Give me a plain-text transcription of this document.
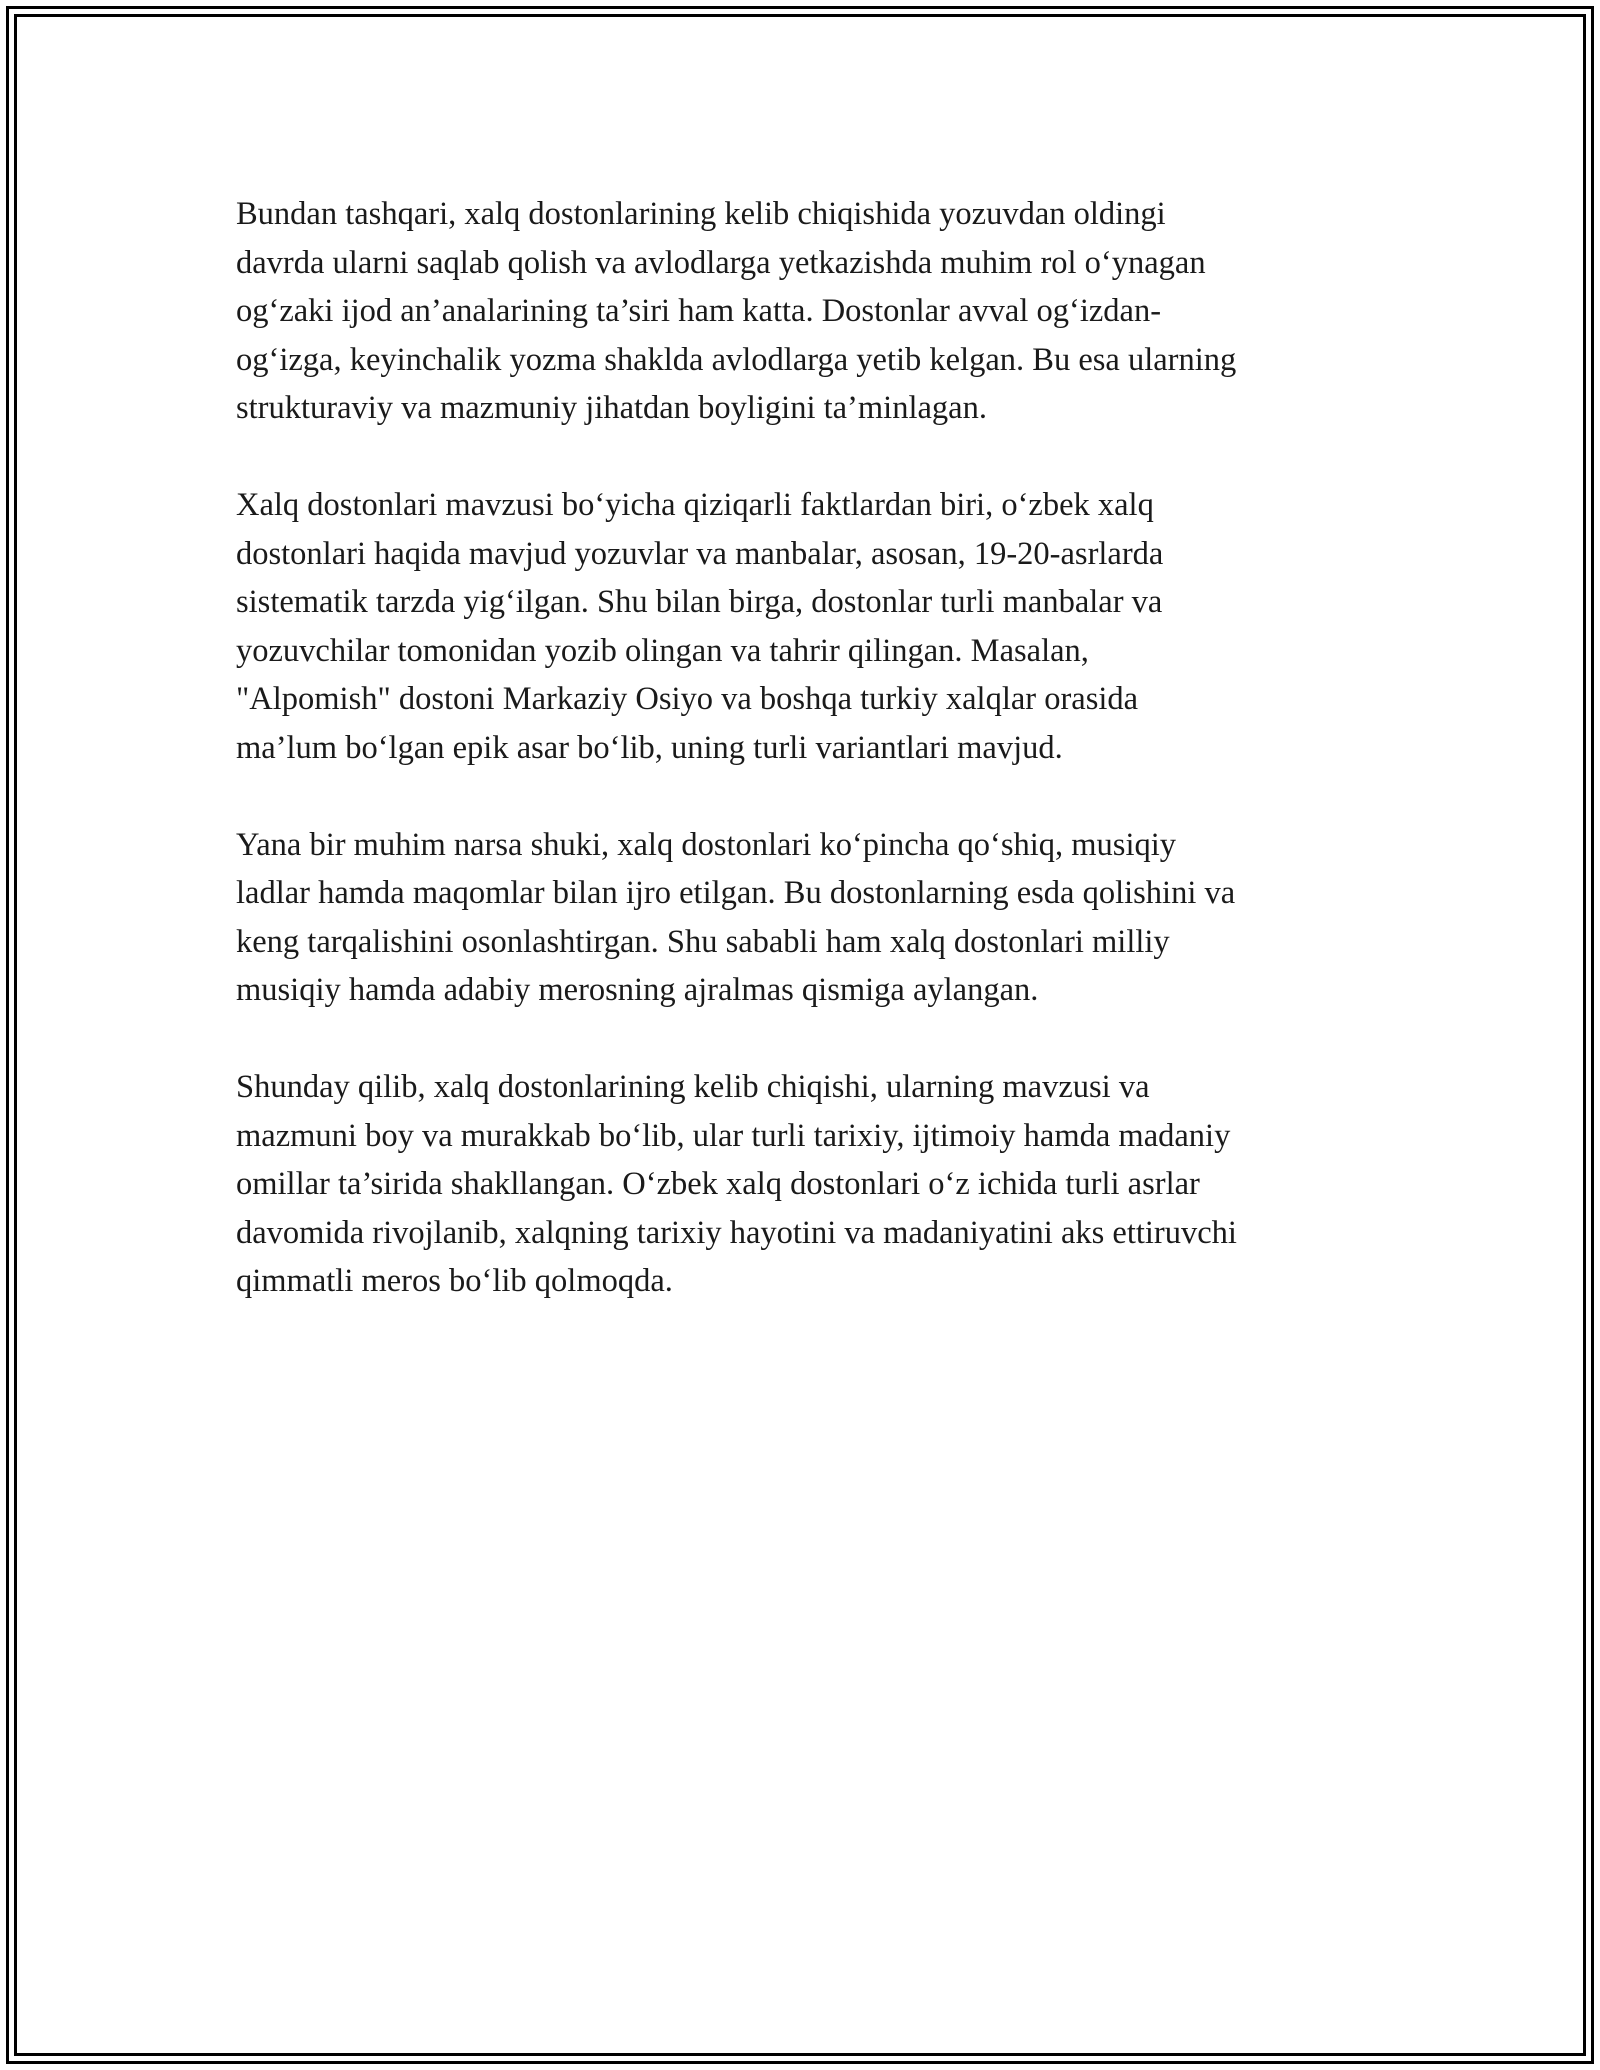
Bundan tashqari, xalq dostonlarining kelib chiqishida yozuvdan oldingi
davrda ularni saqlab qolish va avlodlarga yetkazishda muhim rol o‘ynagan
og‘zaki ijod an’analarining ta’siri ham katta. Dostonlar avval og‘izdan-
og‘izga, keyinchalik yozma shaklda avlodlarga yetib kelgan. Bu esa ularning
strukturaviy va mazmuniy jihatdan boyligini ta’minlagan.

Xalq dostonlari mavzusi bo‘yicha qiziqarli faktlardan biri, o‘zbek xalq
dostonlari haqida mavjud yozuvlar va manbalar, asosan, 19-20-asrlarda
sistematik tarzda yig‘ilgan. Shu bilan birga, dostonlar turli manbalar va
yozuvchilar tomonidan yozib olingan va tahrir qilingan. Masalan,
"Alpomish" dostoni Markaziy Osiyo va boshqa turkiy xalqlar orasida
ma’lum bo‘lgan epik asar bo‘lib, uning turli variantlari mavjud.

Yana bir muhim narsa shuki, xalq dostonlari ko‘pincha qo‘shiq, musiqiy
ladlar hamda maqomlar bilan ijro etilgan. Bu dostonlarning esda qolishini va
keng tarqalishini osonlashtirgan. Shu sababli ham xalq dostonlari milliy
musiqiy hamda adabiy merosning ajralmas qismiga aylangan.

Shunday qilib, xalq dostonlarining kelib chiqishi, ularning mavzusi va
mazmuni boy va murakkab bo‘lib, ular turli tarixiy, ijtimoiy hamda madaniy
omillar ta’sirida shakllangan. O‘zbek xalq dostonlari o‘z ichida turli asrlar
davomida rivojlanib, xalqning tarixiy hayotini va madaniyatini aks ettiruvchi
qimmatli meros bo‘lib qolmoqda.
